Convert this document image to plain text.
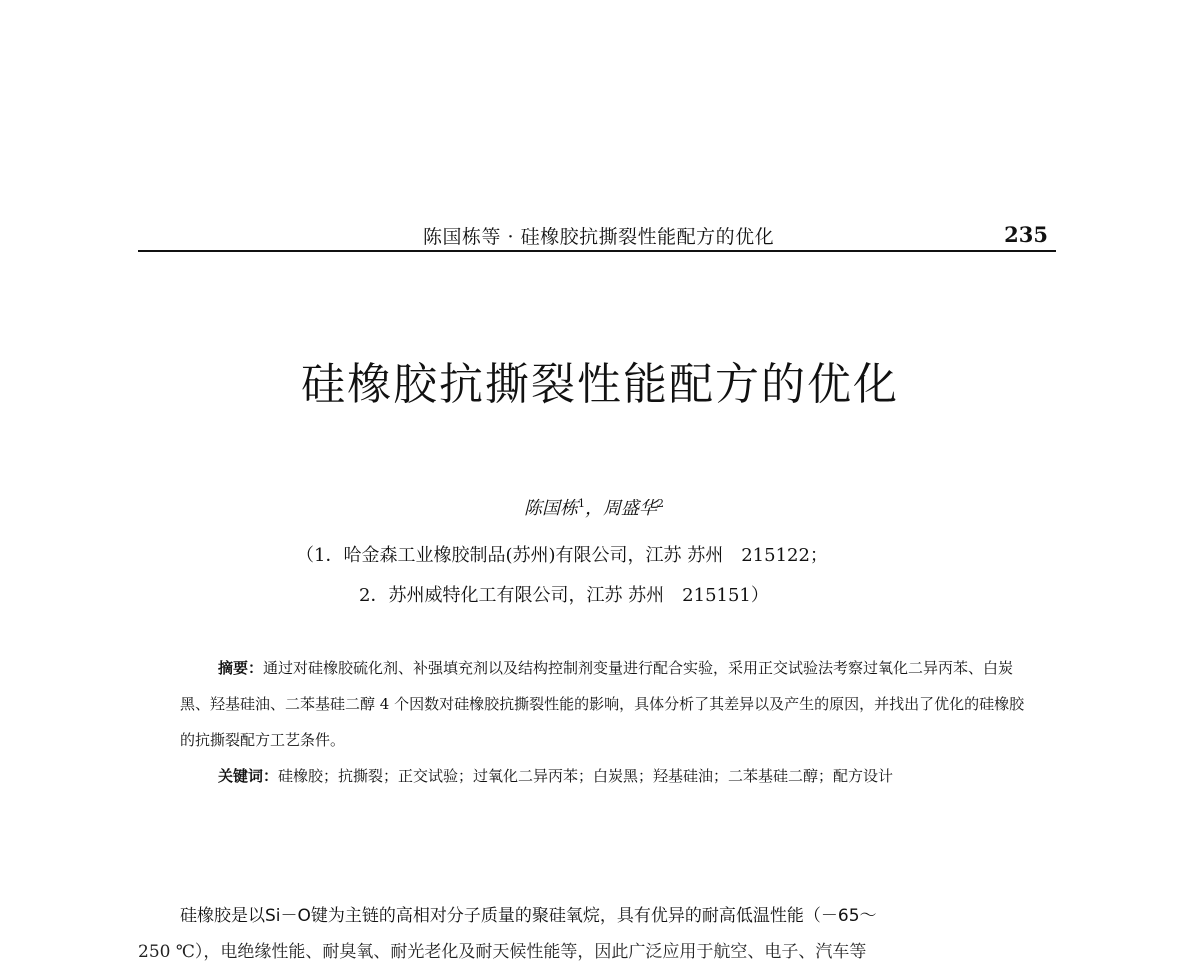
陈国栋等 · 硅橡胶抗撕裂性能配方的优化	235
硅橡胶抗撕裂性能配方的优化
陈国栋$^1$，周盛华$^2$
（1．哈金森工业橡胶制品(苏州)有限公司，江苏 苏州　215122；
2．苏州威特化工有限公司，江苏 苏州　215151）

摘要：通过对硅橡胶硫化剂、补强填充剂以及结构控制剂变量进行配合实验，采用正交试验法考察过氧化二异丙苯、白炭黑、羟基硅油、二苯基硅二醇 4 个因数对硅橡胶抗撕裂性能的影响，具体分析了其差异以及产生的原因，并找出了优化的硅橡胶的抗撕裂配方工艺条件。

关键词：硅橡胶；抗撕裂；正交试验；过氧化二异丙苯；白炭黑；羟基硅油；二苯基硅二醇；配方设计

硅橡胶是以Si－O键为主链的高相对分子质量的聚硅氧烷，具有优异的耐高低温性能（－65～
250 ℃），电绝缘性能、耐臭氧、耐光老化及耐天候性能等，因此广泛应用于航空、电子、汽车等
